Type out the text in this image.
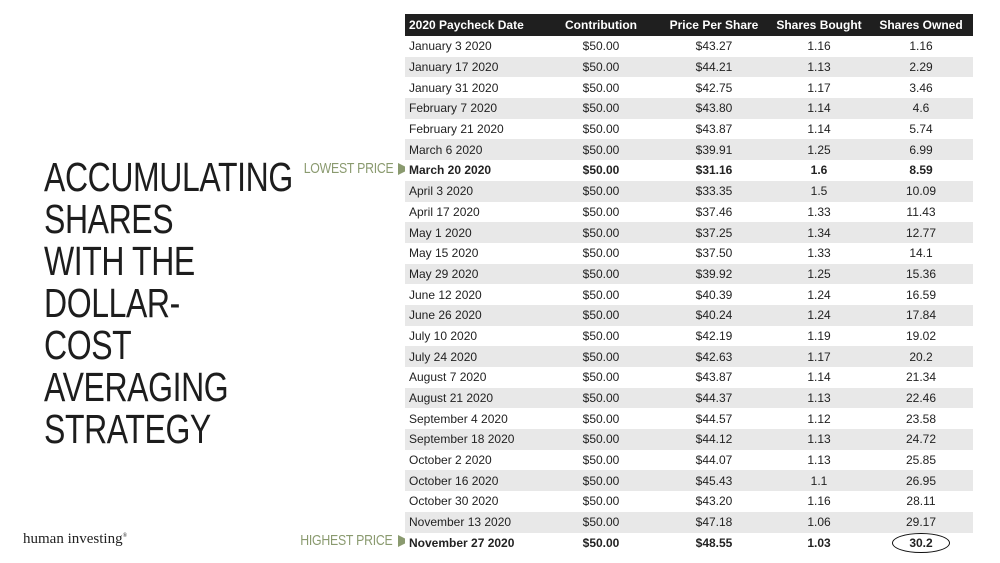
ACCUMULATING
SHARES WITH THE
DOLLAR-COST
AVERAGING
STRATEGY
human investing®
LOWEST PRICE
HIGHEST PRICE
2020 Paycheck Date	Contribution	Price Per Share	Shares Bought	Shares Owned
January 3 2020	$50.00	$43.27	1.16	1.16
January 17 2020	$50.00	$44.21	1.13	2.29
January 31 2020	$50.00	$42.75	1.17	3.46
February 7 2020	$50.00	$43.80	1.14	4.6
February 21 2020	$50.00	$43.87	1.14	5.74
March 6 2020	$50.00	$39.91	1.25	6.99
March 20 2020	$50.00	$31.16	1.6	8.59
April 3 2020	$50.00	$33.35	1.5	10.09
April 17 2020	$50.00	$37.46	1.33	11.43
May 1 2020	$50.00	$37.25	1.34	12.77
May 15 2020	$50.00	$37.50	1.33	14.1
May 29 2020	$50.00	$39.92	1.25	15.36
June 12 2020	$50.00	$40.39	1.24	16.59
June 26 2020	$50.00	$40.24	1.24	17.84
July 10 2020	$50.00	$42.19	1.19	19.02
July 24 2020	$50.00	$42.63	1.17	20.2
August 7 2020	$50.00	$43.87	1.14	21.34
August 21 2020	$50.00	$44.37	1.13	22.46
September 4 2020	$50.00	$44.57	1.12	23.58
September 18 2020	$50.00	$44.12	1.13	24.72
October 2 2020	$50.00	$44.07	1.13	25.85
October 16 2020	$50.00	$45.43	1.1	26.95
October 30 2020	$50.00	$43.20	1.16	28.11
November 13 2020	$50.00	$47.18	1.06	29.17
November 27 2020	$50.00	$48.55	1.03	30.2
